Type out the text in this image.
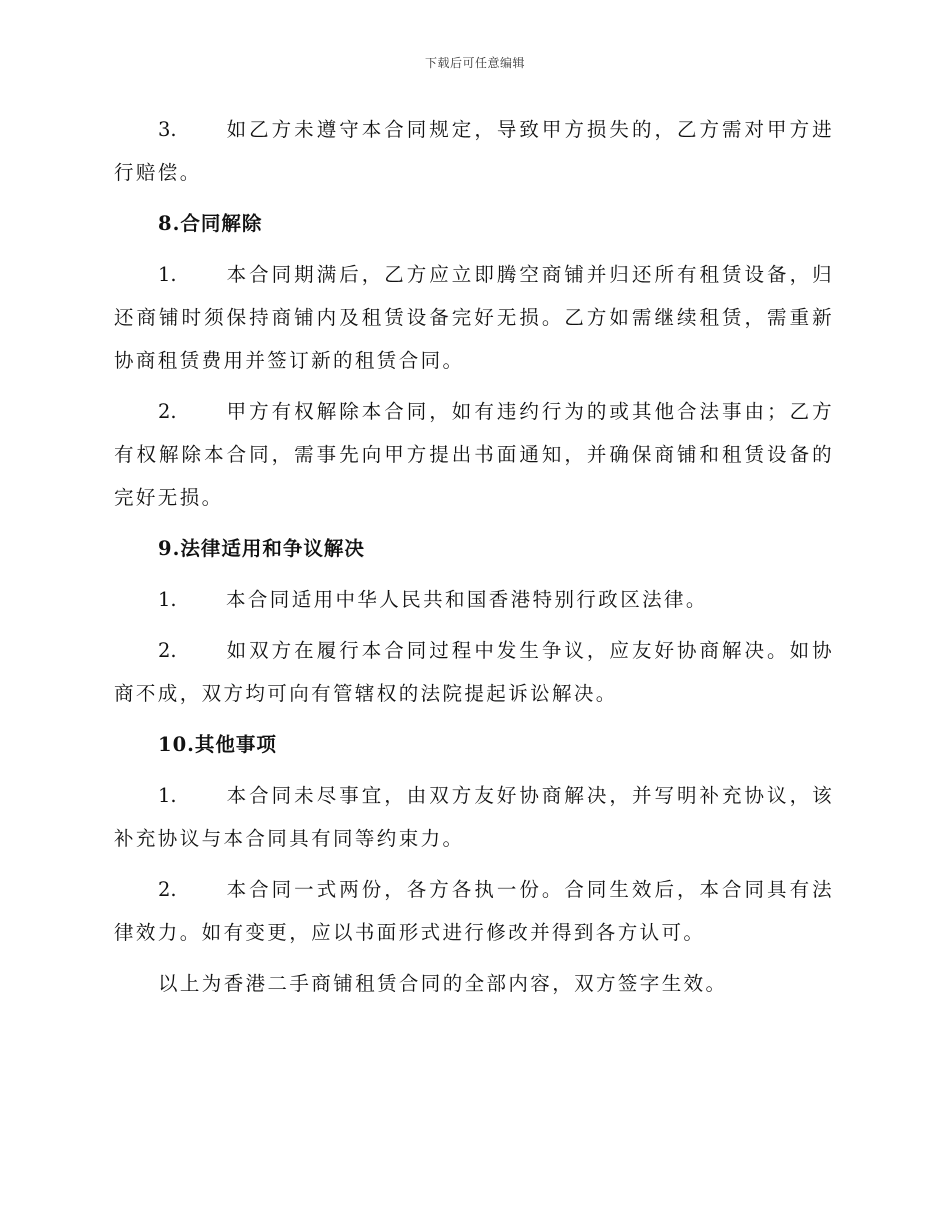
下载后可任意编辑

3.	如乙方未遵守本合同规定，导致甲方损失的，乙方需对甲方进行赔偿。

8.合同解除

1.	本合同期满后，乙方应立即腾空商铺并归还所有租赁设备，归还商铺时须保持商铺内及租赁设备完好无损。乙方如需继续租赁，需重新协商租赁费用并签订新的租赁合同。

2.	甲方有权解除本合同，如有违约行为的或其他合法事由；乙方有权解除本合同，需事先向甲方提出书面通知，并确保商铺和租赁设备的完好无损。

9.法律适用和争议解决

1.	本合同适用中华人民共和国香港特别行政区法律。

2.	如双方在履行本合同过程中发生争议，应友好协商解决。如协商不成，双方均可向有管辖权的法院提起诉讼解决。

10.其他事项

1.	本合同未尽事宜，由双方友好协商解决，并写明补充协议，该补充协议与本合同具有同等约束力。

2.	本合同一式两份，各方各执一份。合同生效后，本合同具有法律效力。如有变更，应以书面形式进行修改并得到各方认可。

以上为香港二手商铺租赁合同的全部内容，双方签字生效。
